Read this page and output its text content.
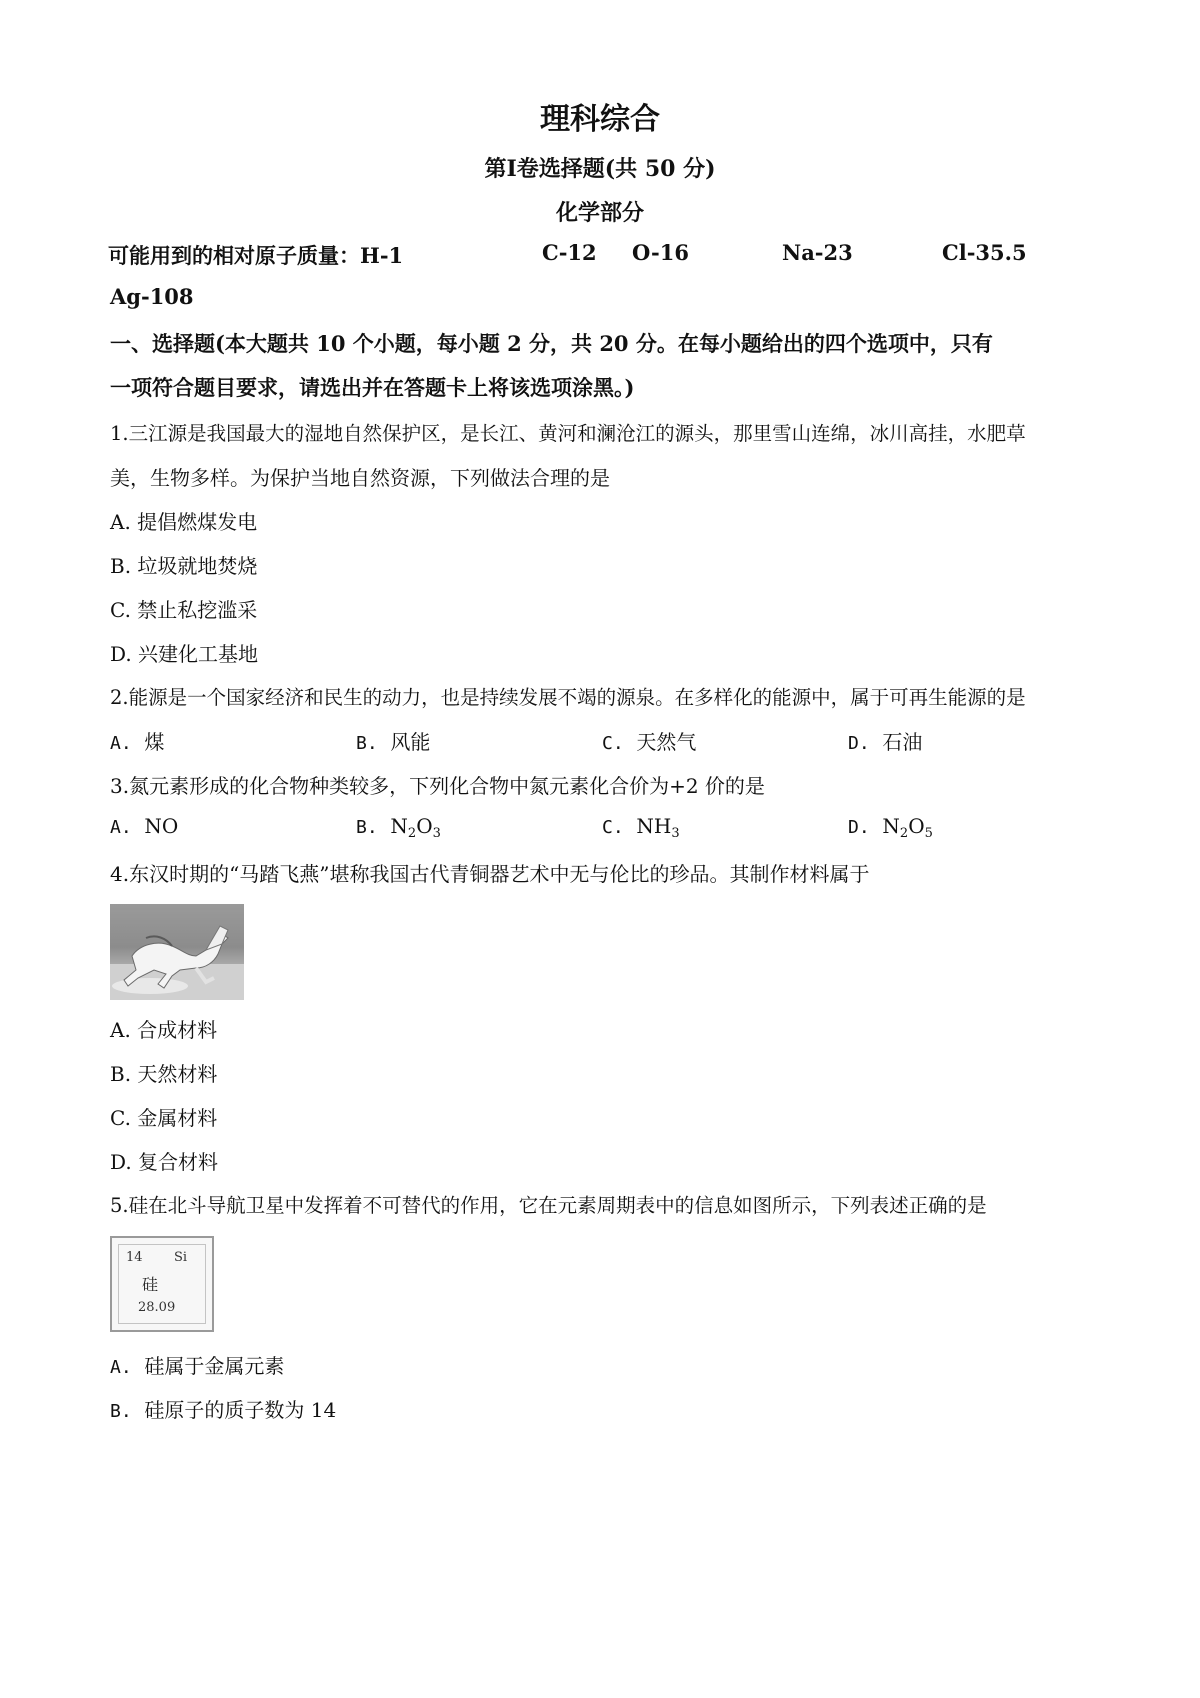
理科综合
第Ⅰ卷选择题(共 50 分)
化学部分
可能用到的相对原子质量：H-1	C-12 O-16	Na-23	Cl-35.5
Ag-108
一、选择题(本大题共 10 个小题，每小题 2 分，共 20 分。在每小题给出的四个选项中，只有
一项符合题目要求，请选出并在答题卡上将该选项涂黑。)
1.三江源是我国最大的湿地自然保护区，是长江、黄河和澜沧江的源头，那里雪山连绵，冰川高挂，水肥草
美，生物多样。为保护当地自然资源，下列做法合理的是
A. 提倡燃煤发电
B. 垃圾就地焚烧
C. 禁止私挖滥采
D. 兴建化工基地
2.能源是一个国家经济和民生的动力，也是持续发展不竭的源泉。在多样化的能源中，属于可再生能源的是
A. 煤	B. 风能	C. 天然气	D. 石油
3.氮元素形成的化合物种类较多，下列化合物中氮元素化合价为+2 价的是
A. NO	B. $N_2O_3$	C. $NH_3$	D. $N_2O_5$
4.东汉时期的“马踏飞燕”堪称我国古代青铜器艺术中无与伦比的珍品。其制作材料属于
A. 合成材料
B. 天然材料
C. 金属材料
D. 复合材料
5.硅在北斗导航卫星中发挥着不可替代的作用，它在元素周期表中的信息如图所示，下列表述正确的是
14 Si
硅
28.09
A. 硅属于金属元素
B. 硅原子的质子数为 14
